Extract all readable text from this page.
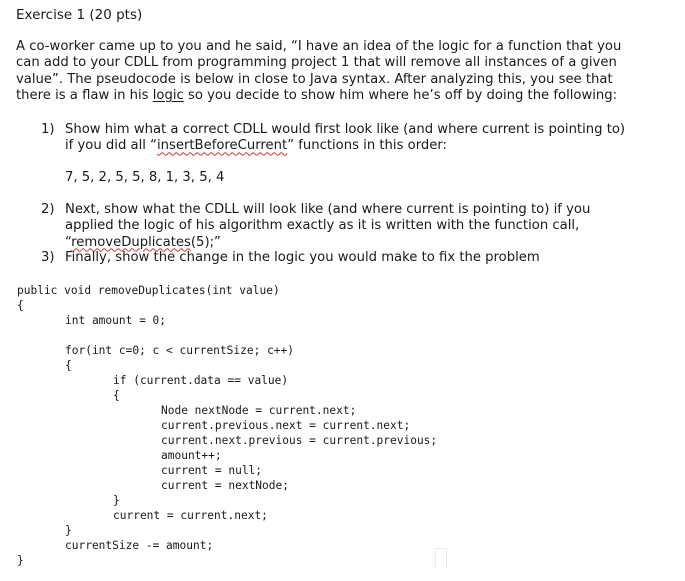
Exercise 1 (20 pts)
A co-worker came up to you and he said, “I have an idea of the logic for a function that you
can add to your CDLL from programming project 1 that will remove all instances of a given
value”. The pseudocode is below in close to Java syntax. After analyzing this, you see that
there is a flaw in his logic so you decide to show him where he’s off by doing the following:
1) Show him what a correct CDLL would first look like (and where current is pointing to)
if you did all “insertBeforeCurrent” functions in this order:
7, 5, 2, 5, 5, 8, 1, 3, 5, 4
2) Next, show what the CDLL will look like (and where current is pointing to) if you
applied the logic of his algorithm exactly as it is written with the function call,
“removeDuplicates(5);”
3) Finally, show the change in the logic you would make to fix the problem
public void removeDuplicates(int value)
{
int amount = 0;
for(int c=0; c < currentSize; c++)
{
if (current.data == value)
{
Node nextNode = current.next;
current.previous.next = current.next;
current.next.previous = current.previous;
amount++;
current = null;
current = nextNode;
}
current = current.next;
}
currentSize -= amount;
}
